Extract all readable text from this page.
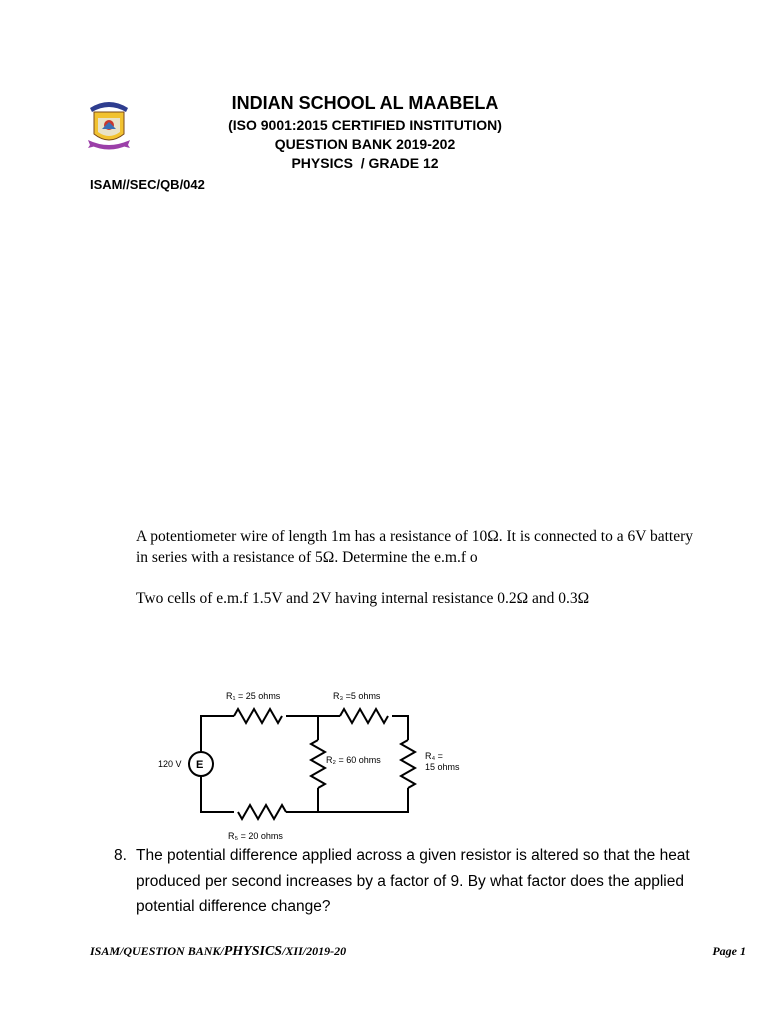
INDIAN SCHOOL AL MAABELA
(ISO 9001:2015 CERTIFIED INSTITUTION)
QUESTION BANK 2019-202
PHYSICS  / GRADE 12
ISAM//SEC/QB/042
A potentiometer wire of length 1m has a resistance of 10Ω. It is connected to a 6V battery in series with a resistance of 5Ω. Determine the e.m.f o
Two cells of e.m.f 1.5V and 2V having internal resistance 0.2Ω and 0.3Ω
R₁ = 25 ohms	R₃ =5 ohms
R₂ = 60 ohms	R₄ =
15 ohms
R₅ = 20 ohms
120 V E
8. The potential difference applied across a given resistor is altered so that the heat produced per second increases by a factor of 9. By what factor does the applied potential difference change?
ISAM/QUESTION BANK/PHYSICS/XII/2019-20	Page 1
